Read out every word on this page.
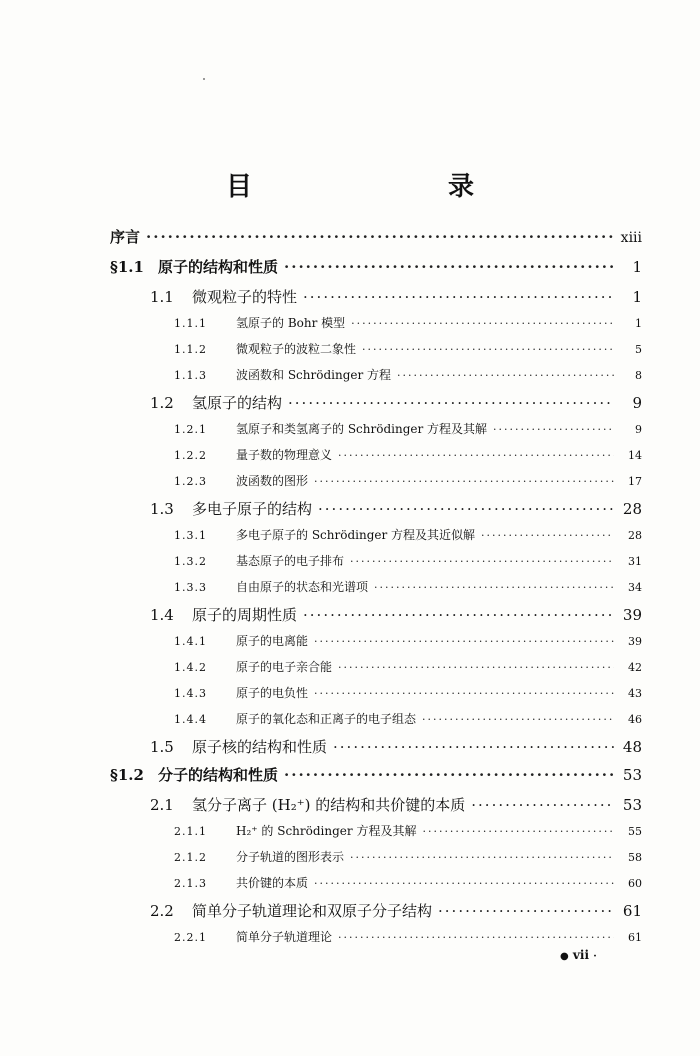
目　　录
序言 ·····	xiii
§1.1 原子的结构和性质 ·····	1
1.1	微观粒子的特性 ·····	1
1.1.1	氢原子的 Bohr 模型 ·····	1
1.1.2	微观粒子的波粒二象性 ·····	5
1.1.3	波函数和 Schrödinger 方程 ·····	8
1.2	氢原子的结构 ·····	9
1.2.1	氢原子和类氢离子的 Schrödinger 方程及其解 ·····	9
1.2.2	量子数的物理意义 ·····	14
1.2.3	波函数的图形 ·····	17
1.3	多电子原子的结构 ·····	28
1.3.1	多电子原子的 Schrödinger 方程及其近似解 ·····	28
1.3.2	基态原子的电子排布 ·····	31
1.3.3	自由原子的状态和光谱项 ·····	34
1.4	原子的周期性质 ·····	39
1.4.1	原子的电离能 ·····	39
1.4.2	原子的电子亲合能 ·····	42
1.4.3	原子的电负性 ·····	43
1.4.4	原子的氧化态和正离子的电子组态 ·····	46
1.5	原子核的结构和性质 ·····	48
§1.2 分子的结构和性质 ·····	53
2.1	氢分子离子 (H₂⁺) 的结构和共价键的本质 ·····	53
2.1.1	H₂⁺ 的 Schrödinger 方程及其解 ·····	55
2.1.2	分子轨道的图形表示 ·····	58
2.1.3	共价键的本质 ·····	60
2.2	简单分子轨道理论和双原子分子结构 ·····	61
2.2.1	简单分子轨道理论 ·····	61
● vii ·
